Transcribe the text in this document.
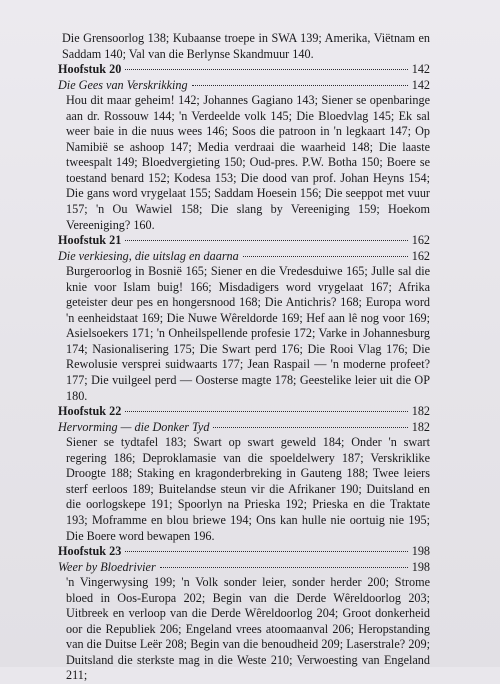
Die Grensoorlog 138; Kubaanse troepe in SWA 139; Amerika, Viëtnam en Saddam 140; Val van die Berlynse Skandmuur 140.
Hoofstuk 20	142
Die Gees van Verskrikking	142
Hou dit maar geheim! 142; Johannes Gagiano 143; Siener se openbaringe aan dr. Rossouw 144; 'n Verdeelde volk 145; Die Bloedvlag 145; Ek sal weer baie in die nuus wees 146; Soos die patroon in 'n legkaart 147; Op Namibië se ashoop 147; Media verdraai die waarheid 148; Die laaste tweespalt 149; Bloedvergieting 150; Oud-pres. P.W. Botha 150; Boere se toestand benard 152; Kodesa 153; Die dood van prof. Johan Heyns 154; Die gans word vrygelaat 155; Saddam Hoesein 156; Die seeppot met vuur 157; 'n Ou Wawiel 158; Die slang by Vereeniging 159; Hoekom Vereeniging? 160.
Hoofstuk 21	162
Die verkiesing, die uitslag en daarna	162
Burgeroorlog in Bosnië 165; Siener en die Vredesduiwe 165; Julle sal die knie voor Islam buig! 166; Misdadigers word vrygelaat 167; Afrika geteister deur pes en hongersnood 168; Die Antichris? 168; Europa word 'n eenheidstaat 169; Die Nuwe Wêreldorde 169; Hef aan lê nog voor 169; Asielsoekers 171; 'n Onheilspellende profesie 172; Varke in Johannesburg 174; Nasionalisering 175; Die Swart perd 176; Die Rooi Vlag 176; Die Rewolusie versprei suidwaarts 177; Jean Raspail — 'n moderne profeet? 177; Die vuilgeel perd — Oosterse magte 178; Geestelike leier uit die OP 180.
Hoofstuk 22	182
Hervorming — die Donker Tyd	182
Siener se tydtafel 183; Swart op swart geweld 184; Onder 'n swart regering 186; Deproklamasie van die spoeldelwery 187; Verskriklike Droogte 188; Staking en kragonderbreking in Gauteng 188; Twee leiers sterf eerloos 189; Buitelandse steun vir die Afrikaner 190; Duitsland en die oorlogskepe 191; Spoorlyn na Prieska 192; Prieska en die Traktate 193; Moframme en blou briewe 194; Ons kan hulle nie oortuig nie 195; Die Boere word bewapen 196.
Hoofstuk 23	198
Weer by Bloedrivier	198
'n Vingerwysing 199; 'n Volk sonder leier, sonder herder 200; Strome bloed in Oos-Europa 202; Begin van die Derde Wêreldoorlog 203; Uitbreek en verloop van die Derde Wêreldoorlog 204; Groot donkerheid oor die Republiek 206; Engeland vrees atoomaanval 206; Heropstanding van die Duitse Leër 208; Begin van die benoudheid 209; Laserstrale? 209; Duitsland die sterkste mag in die Weste 210; Verwoesting van Engeland 211;
